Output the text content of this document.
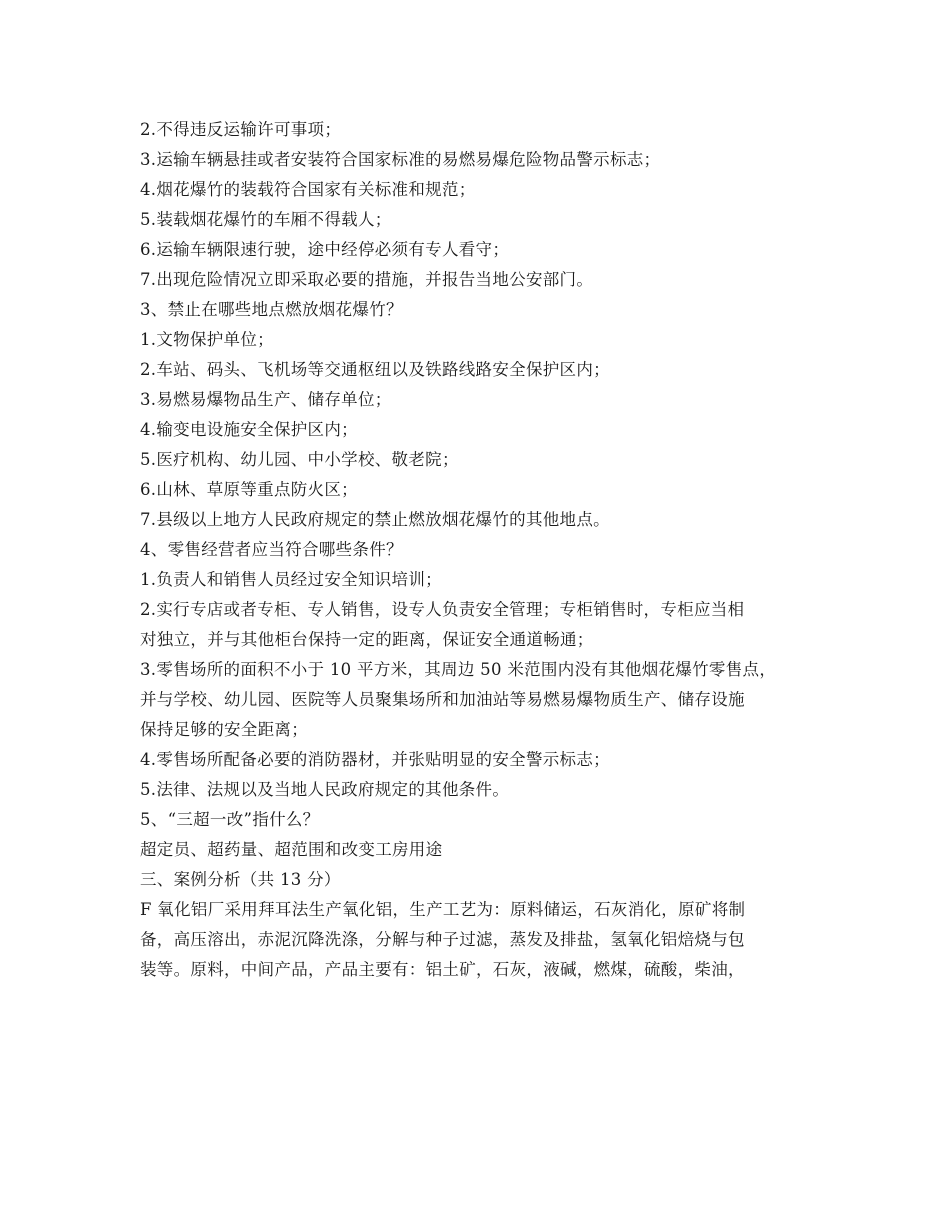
2.不得违反运输许可事项；
3.运输车辆悬挂或者安装符合国家标准的易燃易爆危险物品警示标志；
4.烟花爆竹的装载符合国家有关标准和规范；
5.装载烟花爆竹的车厢不得载人；
6.运输车辆限速行驶，途中经停必须有专人看守；
7.出现危险情况立即采取必要的措施，并报告当地公安部门。
3、禁止在哪些地点燃放烟花爆竹？
1.文物保护单位；
2.车站、码头、飞机场等交通枢纽以及铁路线路安全保护区内；
3.易燃易爆物品生产、储存单位；
4.输变电设施安全保护区内；
5.医疗机构、幼儿园、中小学校、敬老院；
6.山林、草原等重点防火区；
7.县级以上地方人民政府规定的禁止燃放烟花爆竹的其他地点。
4、零售经营者应当符合哪些条件？
1.负责人和销售人员经过安全知识培训；
2.实行专店或者专柜、专人销售，设专人负责安全管理；专柜销售时，专柜应当相
对独立，并与其他柜台保持一定的距离，保证安全通道畅通；
3.零售场所的面积不小于 10 平方米，其周边 50 米范围内没有其他烟花爆竹零售点，
并与学校、幼儿园、医院等人员聚集场所和加油站等易燃易爆物质生产、储存设施
保持足够的安全距离；
4.零售场所配备必要的消防器材，并张贴明显的安全警示标志；
5.法律、法规以及当地人民政府规定的其他条件。
5、“三超一改”指什么？
超定员、超药量、超范围和改变工房用途
三、案例分析（共 13 分）
F 氧化铝厂采用拜耳法生产氧化铝，生产工艺为：原料储运，石灰消化，原矿将制
备，高压溶出，赤泥沉降洗涤，分解与种子过滤，蒸发及排盐，氢氧化铝焙烧与包
装等。原料，中间产品，产品主要有：铝土矿，石灰，液碱，燃煤，硫酸，柴油，
